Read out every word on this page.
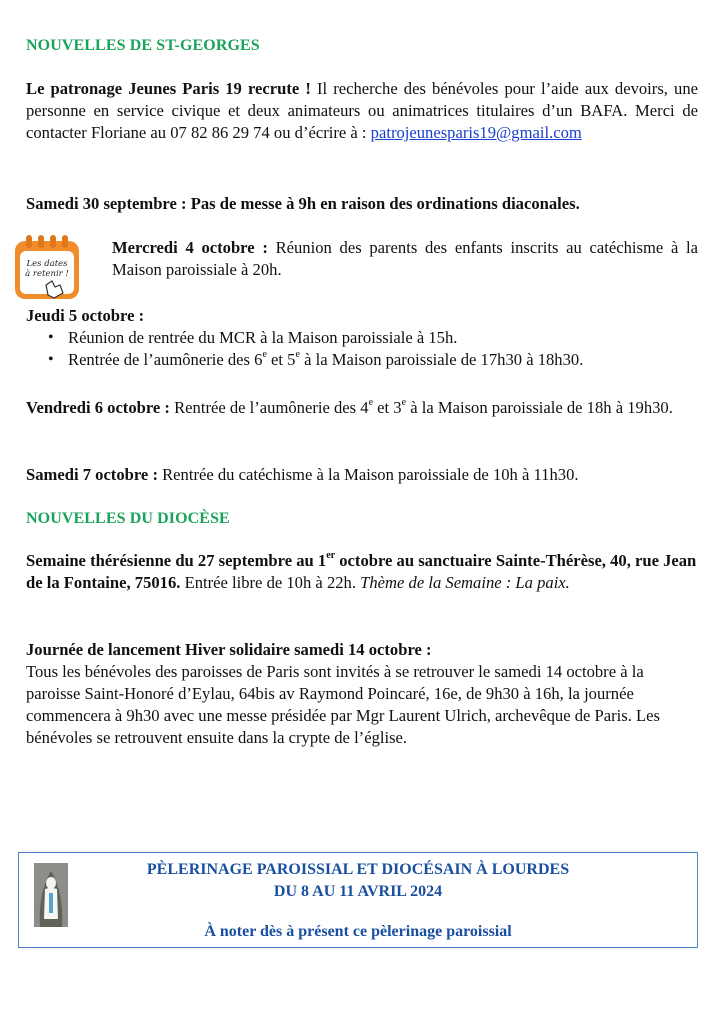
NOUVELLES DE ST-GEORGES

Le patronage Jeunes Paris 19 recrute ! Il recherche des bénévoles pour l’aide aux devoirs, une personne en service civique et deux animateurs ou animatrices titulaires d’un BAFA. Merci de contacter Floriane au 07 82 86 29 74 ou d’écrire à : patrojeunesparis19@gmail.com

Samedi 30 septembre : Pas de messe à 9h en raison des ordinations diaconales.

Mercredi 4 octobre : Réunion des parents des enfants inscrits au catéchisme à la Maison paroissiale à 20h.

Jeudi 5 octobre :
• Réunion de rentrée du MCR à la Maison paroissiale à 15h.
• Rentrée de l’aumônerie des 6e et 5e à la Maison paroissiale de 17h30 à 18h30.

Vendredi 6 octobre : Rentrée de l’aumônerie des 4e et 3e à la Maison paroissiale de 18h à 19h30.

Samedi 7 octobre : Rentrée du catéchisme à la Maison paroissiale de 10h à 11h30.

NOUVELLES DU DIOCÈSE

Semaine thérésienne du 27 septembre au 1er octobre au sanctuaire Sainte-Thérèse, 40, rue Jean de la Fontaine, 75016. Entrée libre de 10h à 22h. Thème de la Semaine : La paix.

Journée de lancement Hiver solidaire samedi 14 octobre :
Tous les bénévoles des paroisses de Paris sont invités à se retrouver le samedi 14 octobre à la paroisse Saint-Honoré d’Eylau, 64bis av Raymond Poincaré, 16e, de 9h30 à 16h, la journée commencera à 9h30 avec une messe présidée par Mgr Laurent Ulrich, archevêque de Paris. Les bénévoles se retrouvent ensuite dans la crypte de l’église.
Les dates
à retenir !
PÈLERINAGE PAROISSIAL ET DIOCÉSAIN À LOURDES
DU 8 AU 11 AVRIL 2024
À noter dès à présent ce pèlerinage paroissial
